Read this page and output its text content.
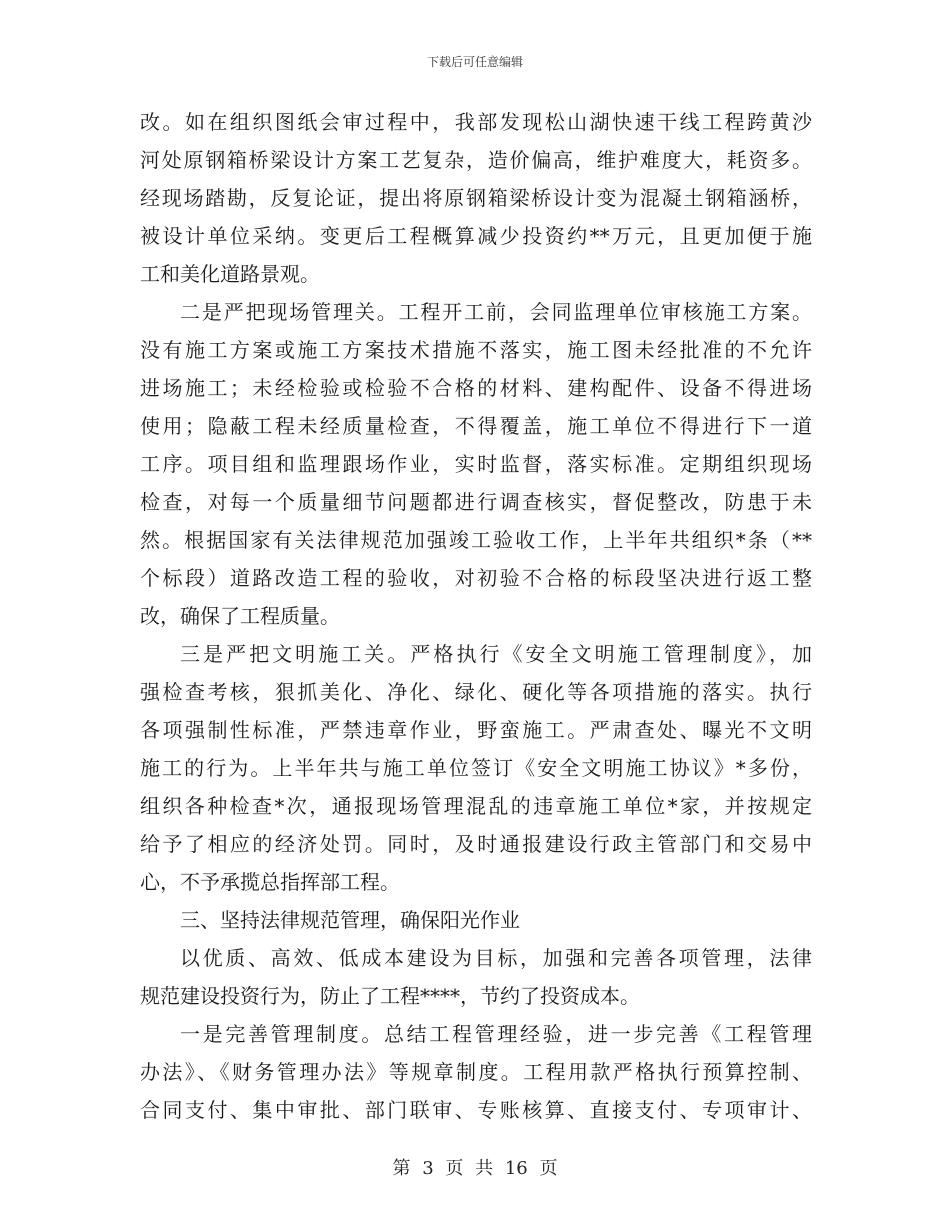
下载后可任意编辑
改。如在组织图纸会审过程中，我部发现松山湖快速干线工程跨黄沙
河处原钢箱桥梁设计方案工艺复杂，造价偏高，维护难度大，耗资多。
经现场踏勘，反复论证，提出将原钢箱梁桥设计变为混凝土钢箱涵桥，
被设计单位采纳。变更后工程概算减少投资约**万元，且更加便于施
工和美化道路景观。
二是严把现场管理关。工程开工前，会同监理单位审核施工方案。
没有施工方案或施工方案技术措施不落实，施工图未经批准的不允许
进场施工；未经检验或检验不合格的材料、建构配件、设备不得进场
使用；隐蔽工程未经质量检查，不得覆盖，施工单位不得进行下一道
工序。项目组和监理跟场作业，实时监督，落实标准。定期组织现场
检查，对每一个质量细节问题都进行调查核实，督促整改，防患于未
然。根据国家有关法律规范加强竣工验收工作，上半年共组织*条（**
个标段）道路改造工程的验收，对初验不合格的标段坚决进行返工整
改，确保了工程质量。
三是严把文明施工关。严格执行《安全文明施工管理制度》，加
强检查考核，狠抓美化、净化、绿化、硬化等各项措施的落实。执行
各项强制性标准，严禁违章作业，野蛮施工。严肃查处、曝光不文明
施工的行为。上半年共与施工单位签订《安全文明施工协议》*多份，
组织各种检查*次，通报现场管理混乱的违章施工单位*家，并按规定
给予了相应的经济处罚。同时，及时通报建设行政主管部门和交易中
心，不予承揽总指挥部工程。
三、坚持法律规范管理，确保阳光作业
以优质、高效、低成本建设为目标，加强和完善各项管理，法律
规范建设投资行为，防止了工程****，节约了投资成本。
一是完善管理制度。总结工程管理经验，进一步完善《工程管理
办法》、《财务管理办法》等规章制度。工程用款严格执行预算控制、
合同支付、集中审批、部门联审、专账核算、直接支付、专项审计、
第 3 页 共 16 页
